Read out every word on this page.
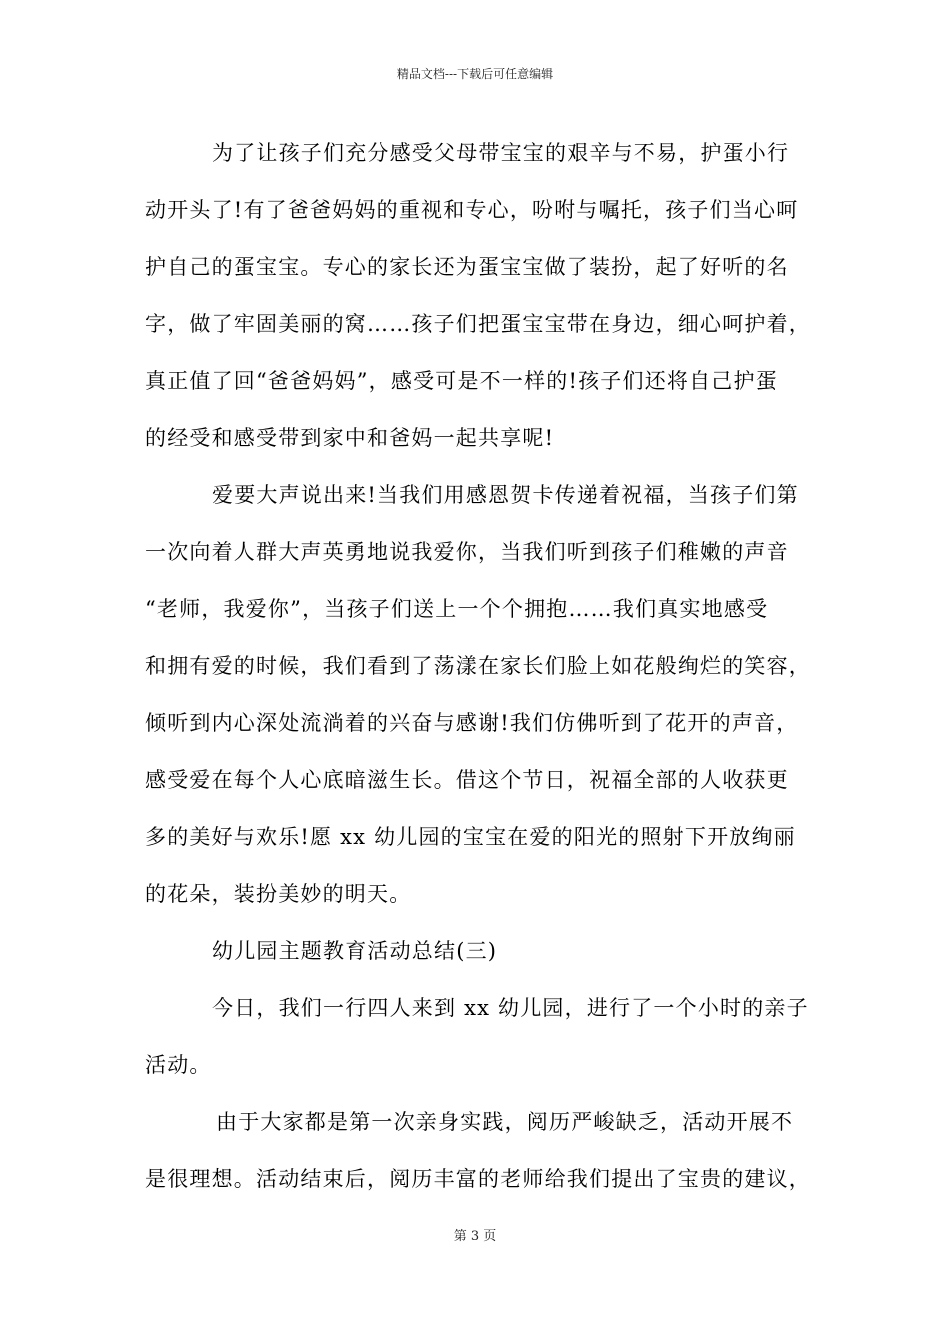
精品文档---下载后可任意编辑
为了让孩子们充分感受父母带宝宝的艰辛与不易，护蛋小行
动开头了!有了爸爸妈妈的重视和专心，吩咐与嘱托，孩子们当心呵
护自己的蛋宝宝。专心的家长还为蛋宝宝做了装扮，起了好听的名
字，做了牢固美丽的窝……孩子们把蛋宝宝带在身边，细心呵护着，
真正值了回“爸爸妈妈”，感受可是不一样的!孩子们还将自己护蛋
的经受和感受带到家中和爸妈一起共享呢!
爱要大声说出来!当我们用感恩贺卡传递着祝福，当孩子们第
一次向着人群大声英勇地说我爱你，当我们听到孩子们稚嫩的声音
“老师，我爱你”，当孩子们送上一个个拥抱……我们真实地感受
和拥有爱的时候，我们看到了荡漾在家长们脸上如花般绚烂的笑容，
倾听到内心深处流淌着的兴奋与感谢!我们仿佛听到了花开的声音，
感受爱在每个人心底暗滋生长。借这个节日，祝福全部的人收获更
多的美好与欢乐!愿 xx 幼儿园的宝宝在爱的阳光的照射下开放绚丽
的花朵，装扮美妙的明天。
幼儿园主题教育活动总结(三)
今日，我们一行四人来到 xx 幼儿园，进行了一个小时的亲子
活动。
由于大家都是第一次亲身实践，阅历严峻缺乏，活动开展不
是很理想。活动结束后，阅历丰富的老师给我们提出了宝贵的建议，
第 3 页
